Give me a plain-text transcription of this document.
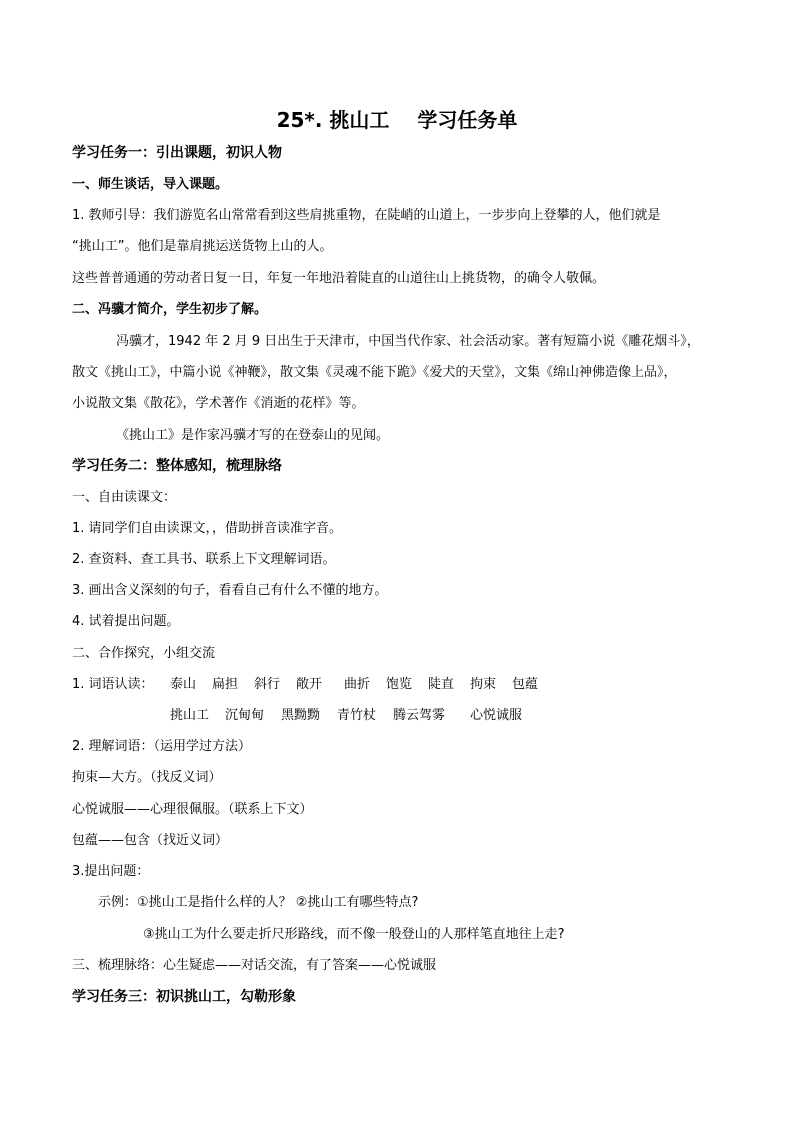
25*. 挑山工 学习任务单
学习任务一：引出课题，初识人物
一、师生谈话，导入课题。
1. 教师引导：我们游览名山常常看到这些肩挑重物，在陡峭的山道上，一步步向上登攀的人，他们就是
“挑山工”。他们是靠肩挑运送货物上山的人。
这些普普通通的劳动者日复一日，年复一年地沿着陡直的山道往山上挑货物，的确令人敬佩。
二、冯骥才简介，学生初步了解。
冯骥才，1942 年 2 月 9 日出生于天津市，中国当代作家、社会活动家。著有短篇小说《雕花烟斗》，
散文《挑山工》，中篇小说《神鞭》，散文集《灵魂不能下跪》《爱犬的天堂》，文集《绵山神佛造像上品》，
小说散文集《散花》，学术著作《消逝的花样》等。
《挑山工》是作家冯骥才写的在登泰山的见闻。
学习任务二：整体感知，梳理脉络
一、自由读课文：
1. 请同学们自由读课文，，借助拼音读准字音。
2. 查资料、查工具书、联系上下文理解词语。
3. 画出含义深刻的句子，看看自己有什么不懂的地方。
4. 试着提出问题。
二、合作探究，小组交流
1. 词语认读： 泰山 扁担 斜行 敞开 曲折 饱览 陡直 拘束 包蕴
挑山工 沉甸甸 黑黝黝 青竹杖 腾云驾雾 心悦诚服
2. 理解词语：（运用学过方法）
拘束—大方。（找反义词）
心悦诚服——心理很佩服。（联系上下文）
包蕴——包含（找近义词）
3.提出问题：
示例：①挑山工是指什么样的人？ ②挑山工有哪些特点?
③挑山工为什么要走折尺形路线，而不像一般登山的人那样笔直地往上走?
三、梳理脉络：心生疑虑——对话交流，有了答案——心悦诚服
学习任务三：初识挑山工，勾勒形象
